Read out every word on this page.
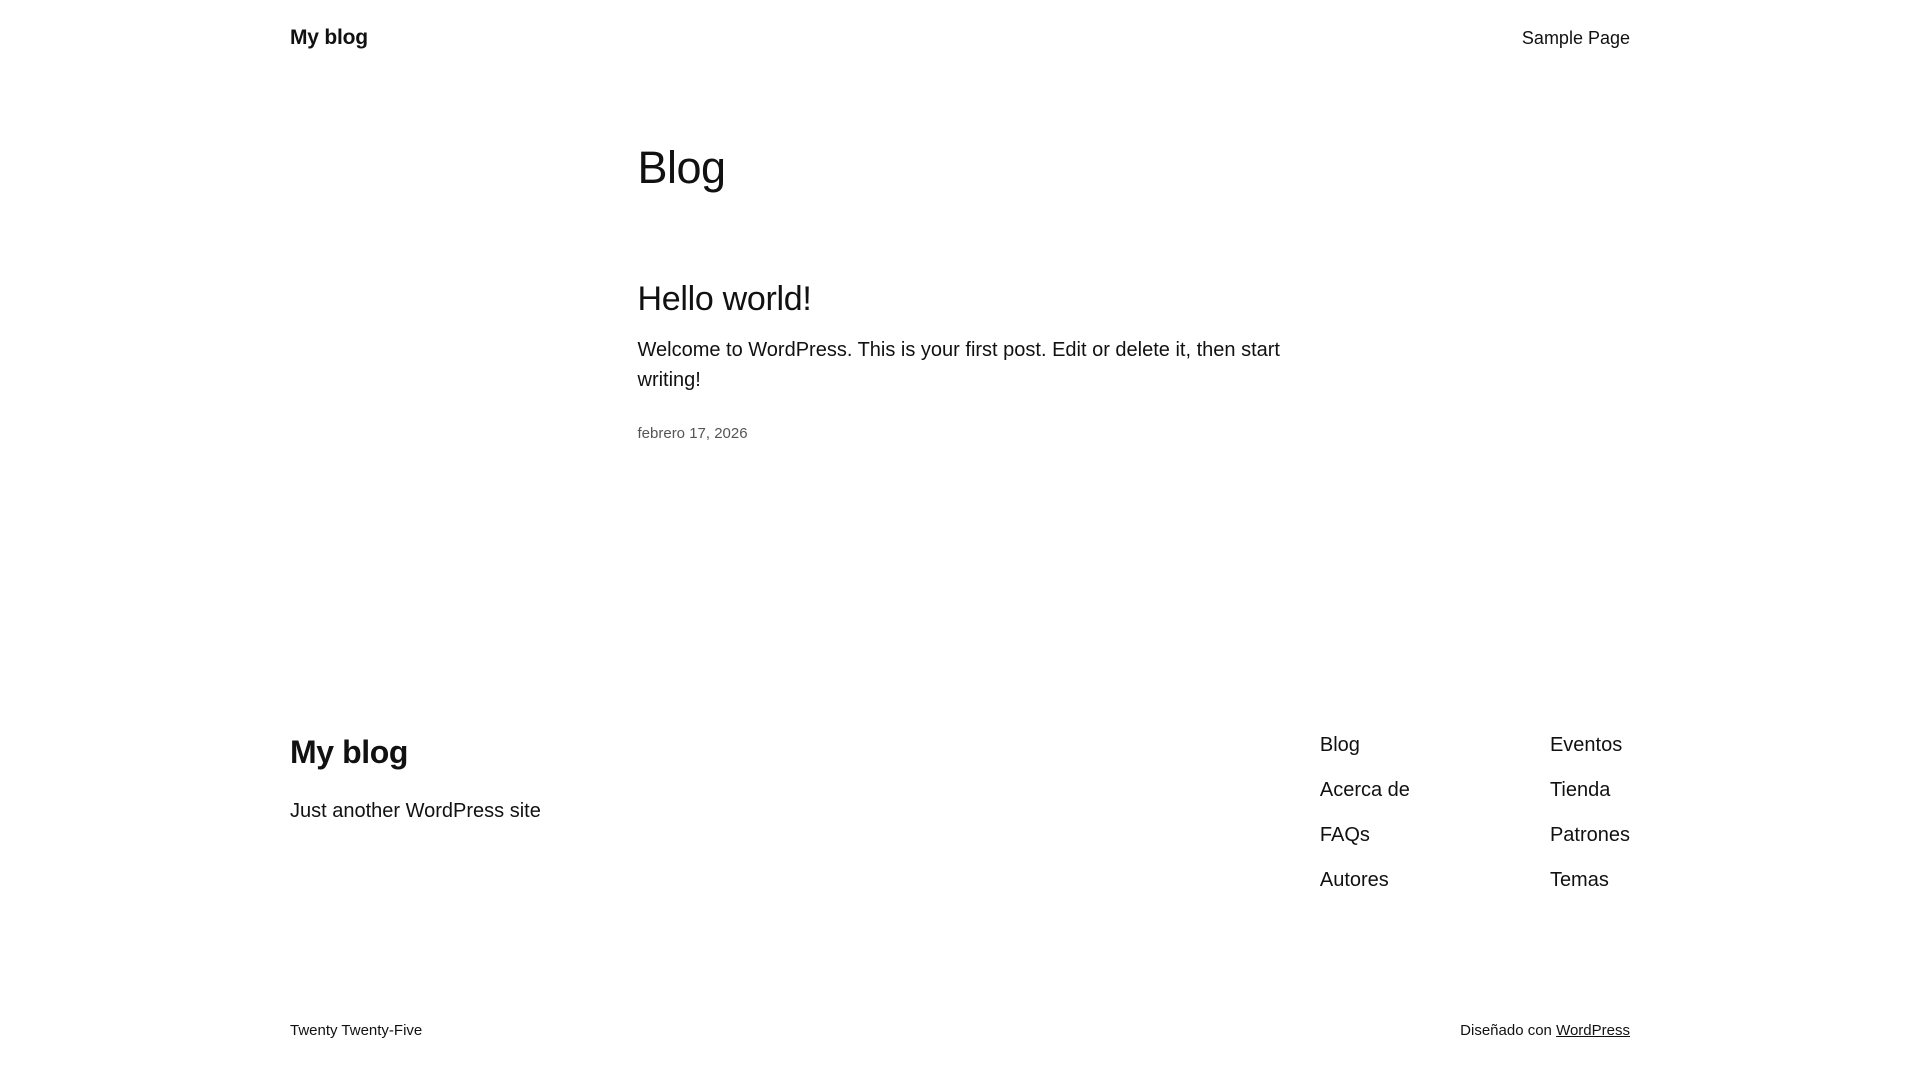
My blog	Sample Page
Blog
Hello world!

Welcome to WordPress. This is your first post. Edit or delete it, then start writing!

febrero 17, 2026
My blog

Just another WordPress site

Blog
Acerca de
FAQs
Autores
Eventos
Tienda
Patrones
Temas
Twenty Twenty-Five	Diseñado con WordPress
